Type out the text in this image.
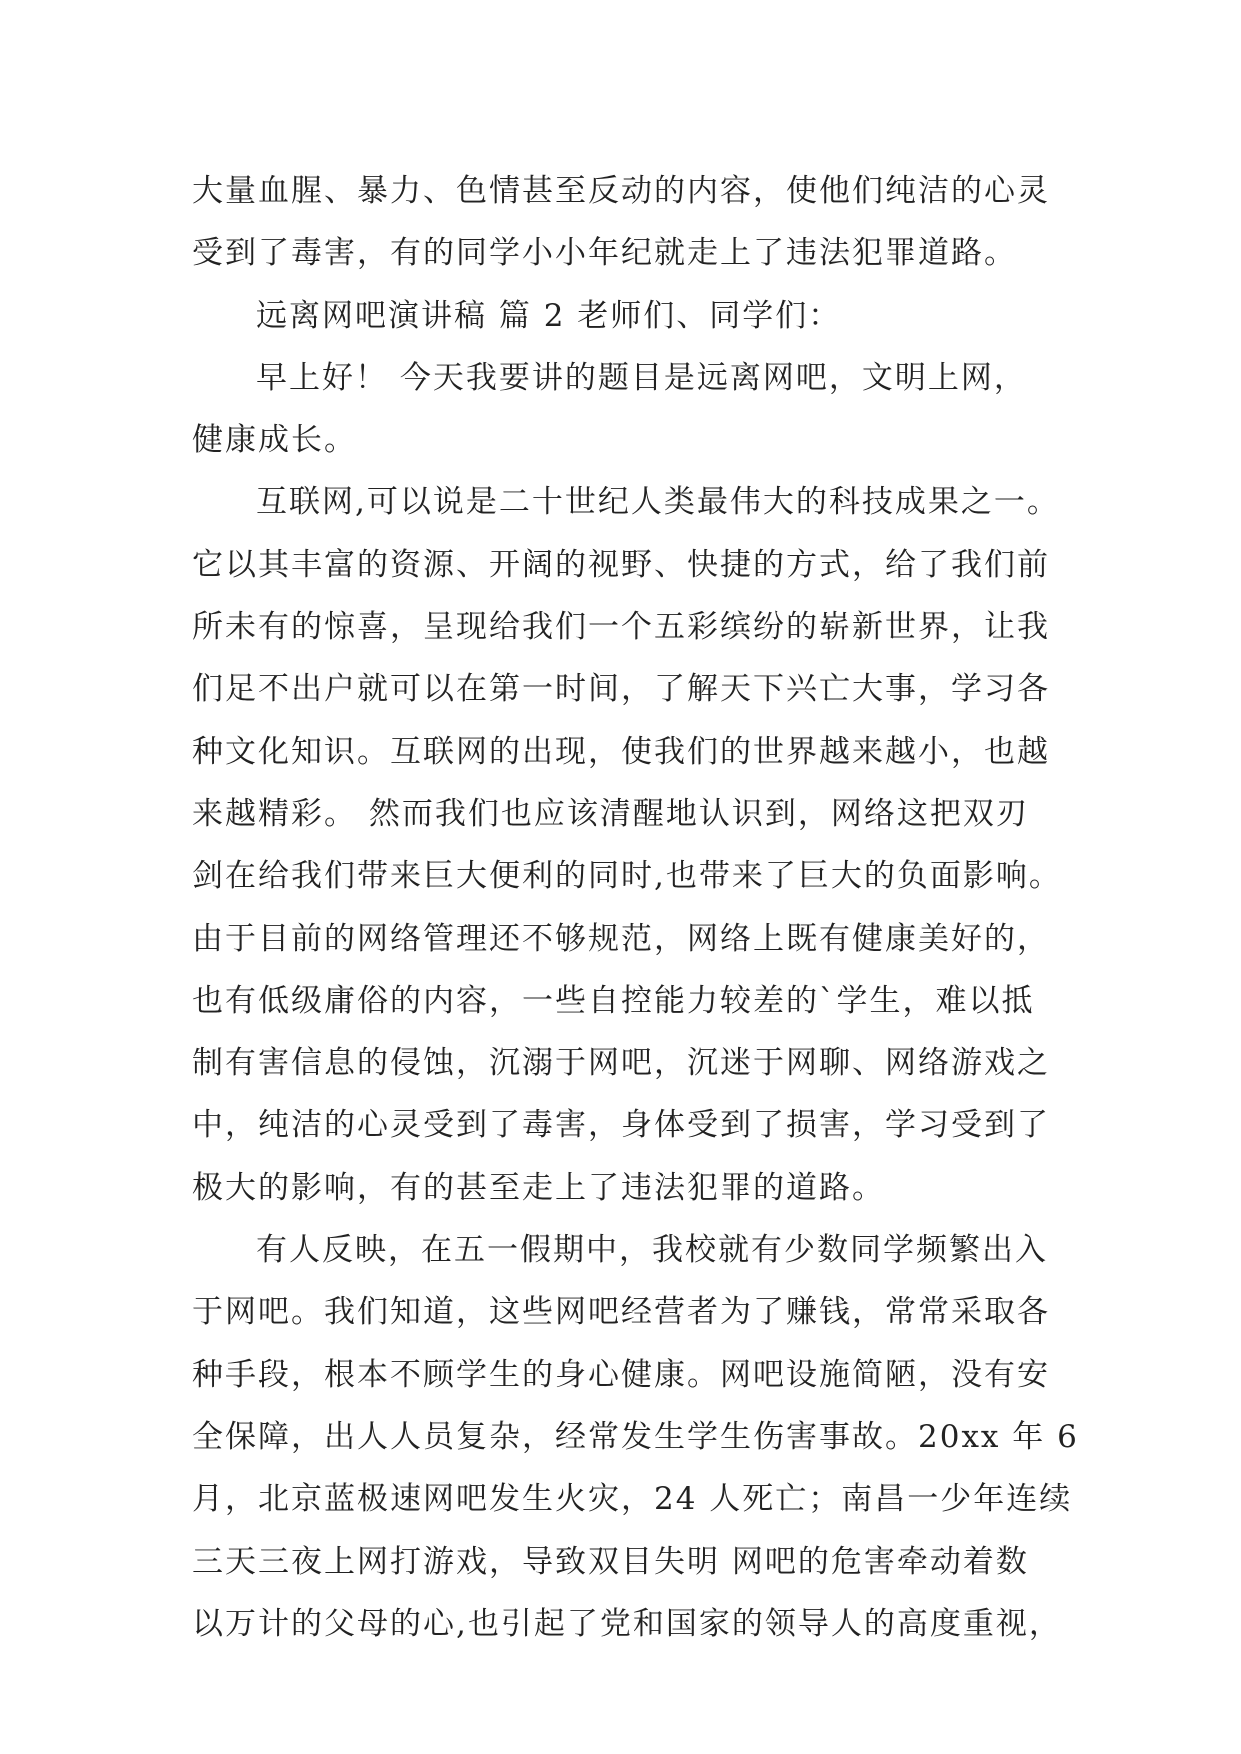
大量血腥、暴力、色情甚至反动的内容，使他们纯洁的心灵
受到了毒害，有的同学小小年纪就走上了违法犯罪道路。
远离网吧演讲稿 篇 2 老师们、同学们：
早上好！ 今天我要讲的题目是远离网吧，文明上网，
健康成长。
互联网,可以说是二十世纪人类最伟大的科技成果之一。
它以其丰富的资源、开阔的视野、快捷的方式，给了我们前
所未有的惊喜，呈现给我们一个五彩缤纷的崭新世界，让我
们足不出户就可以在第一时间，了解天下兴亡大事，学习各
种文化知识。互联网的出现，使我们的世界越来越小，也越
来越精彩。 然而我们也应该清醒地认识到，网络这把双刃
剑在给我们带来巨大便利的同时,也带来了巨大的负面影响。
由于目前的网络管理还不够规范，网络上既有健康美好的，
也有低级庸俗的内容，一些自控能力较差的`学生，难以抵
制有害信息的侵蚀，沉溺于网吧，沉迷于网聊、网络游戏之
中，纯洁的心灵受到了毒害，身体受到了损害，学习受到了
极大的影响，有的甚至走上了违法犯罪的道路。
有人反映，在五一假期中，我校就有少数同学频繁出入
于网吧。我们知道，这些网吧经营者为了赚钱，常常采取各
种手段，根本不顾学生的身心健康。网吧设施简陋，没有安
全保障，出人人员复杂，经常发生学生伤害事故。20xx 年 6
月，北京蓝极速网吧发生火灾，24 人死亡；南昌一少年连续
三天三夜上网打游戏，导致双目失明 网吧的危害牵动着数
以万计的父母的心,也引起了党和国家的领导人的高度重视，
